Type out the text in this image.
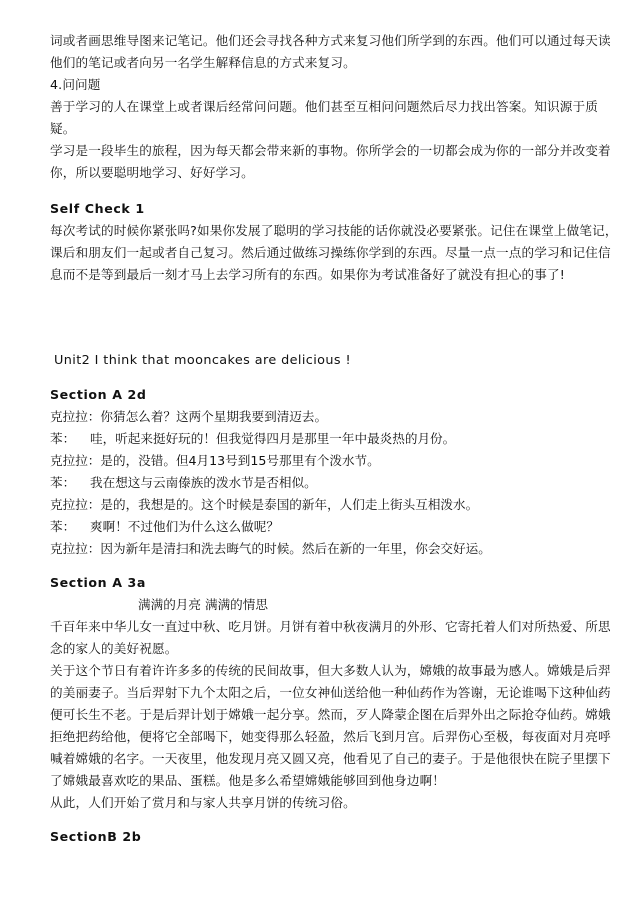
词或者画思维导图来记笔记。他们还会寻找各种方式来复习他们所学到的东西。他们可以通过每天读

他们的笔记或者向另一名学生解释信息的方式来复习。

4.问问题

善于学习的人在课堂上或者课后经常问问题。他们甚至互相问问题然后尽力找出答案。知识源于质

疑。

学习是一段毕生的旅程，因为每天都会带来新的事物。你所学会的一切都会成为你的一部分并改变着

你，所以要聪明地学习、好好学习。

Self Check 1

每次考试的时候你紧张吗?如果你发展了聪明的学习技能的话你就没必要紧张。记住在课堂上做笔记，

课后和朋友们一起或者自己复习。然后通过做练习操练你学到的东西。尽量一点一点的学习和记住信

息而不是等到最后一刻才马上去学习所有的东西。如果你为考试准备好了就没有担心的事了!

Unit2 I think that mooncakes are delicious !

Section A 2d

克拉拉： 你猜怎么着？这两个星期我要到清迈去。

苯：	哇，听起来挺好玩的！但我觉得四月是那里一年中最炎热的月份。

克拉拉： 是的，没错。但4月13号到15号那里有个泼水节。

苯：	我在想这与云南傣族的泼水节是否相似。

克拉拉： 是的，我想是的。这个时候是泰国的新年，人们走上街头互相泼水。

苯：	爽啊！不过他们为什么这么做呢？

克拉拉： 因为新年是清扫和洗去晦气的时候。然后在新的一年里，你会交好运。

Section A 3a

满满的月亮 满满的情思

千百年来中华儿女一直过中秋、吃月饼。月饼有着中秋夜满月的外形、它寄托着人们对所热爱、所思

念的家人的美好祝愿。

关于这个节日有着许许多多的传统的民间故事，但大多数人认为，嫦娥的故事最为感人。嫦娥是后羿

的美丽妻子。当后羿射下九个太阳之后，一位女神仙送给他一种仙药作为答谢，无论谁喝下这种仙药

便可长生不老。于是后羿计划于嫦娥一起分享。然而，歹人降蒙企图在后羿外出之际抢夺仙药。嫦娥

拒绝把药给他，便将它全部喝下，她变得那么轻盈，然后飞到月宫。后羿伤心至极，每夜面对月亮呼

喊着嫦娥的名字。一天夜里，他发现月亮又圆又亮，他看见了自己的妻子。于是他很快在院子里摆下

了嫦娥最喜欢吃的果品、蛋糕。他是多么希望嫦娥能够回到他身边啊！

从此，人们开始了赏月和与家人共享月饼的传统习俗。

SectionB 2b
